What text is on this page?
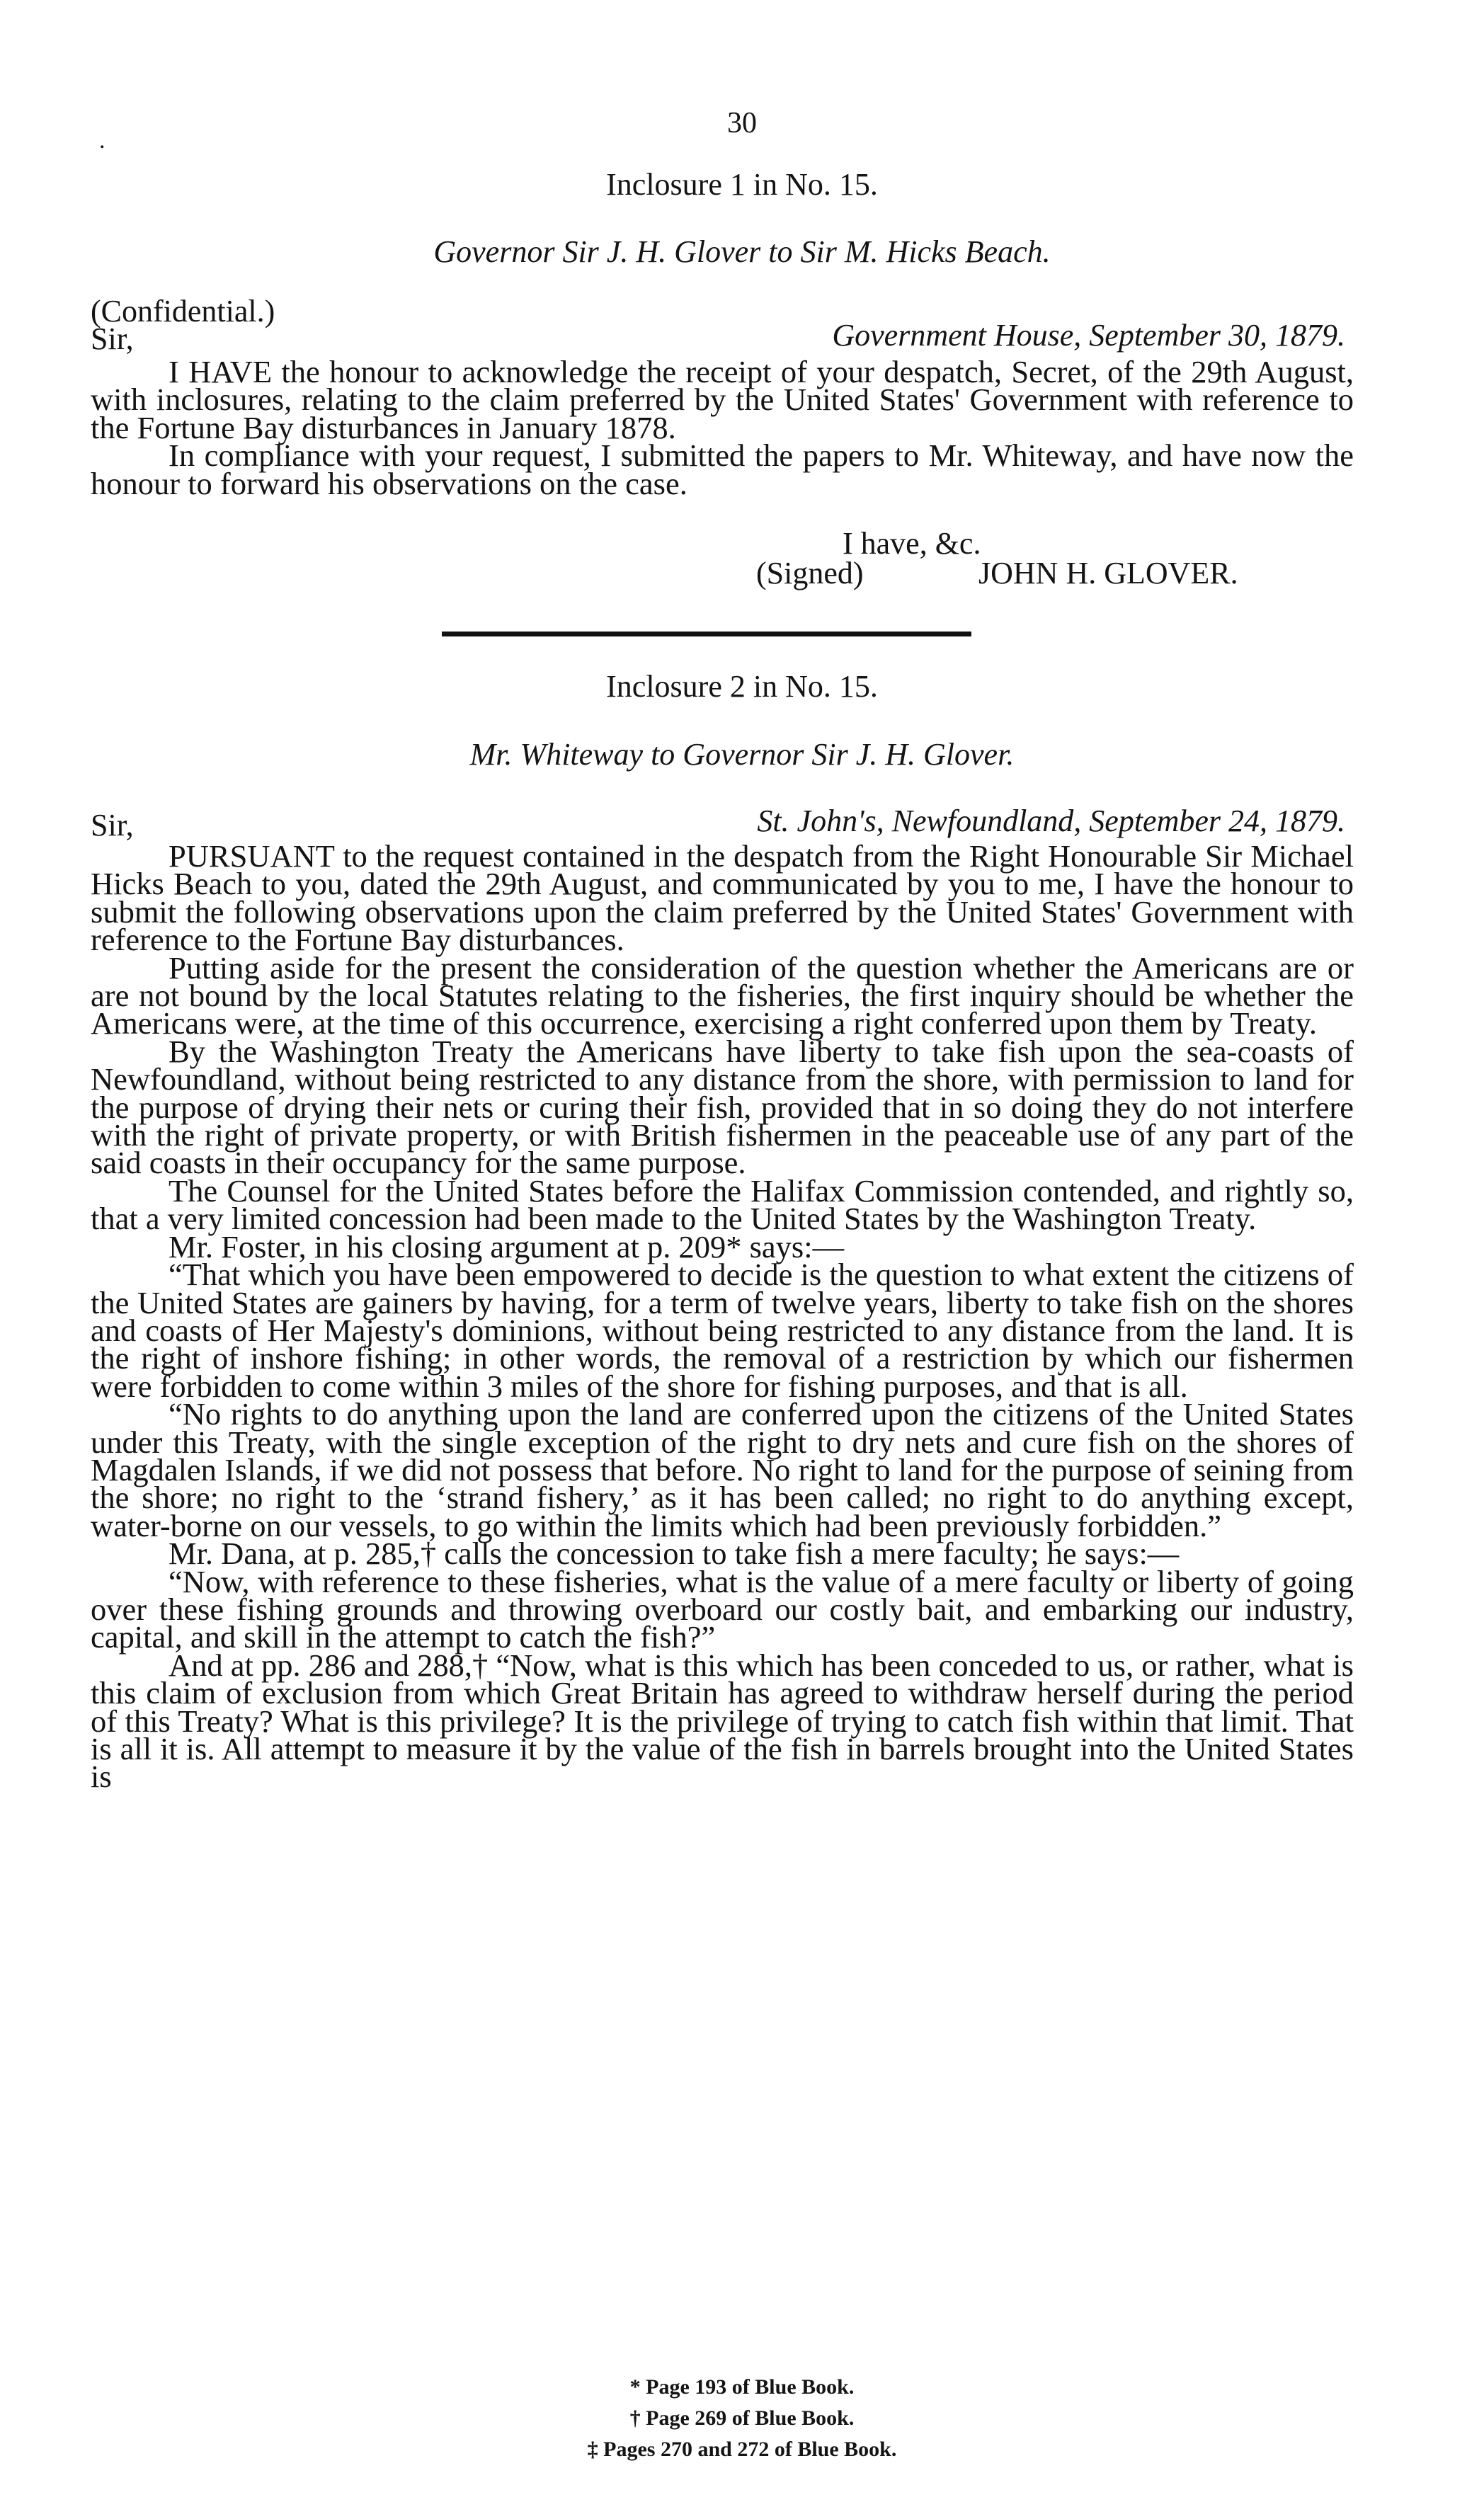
30
.
Inclosure 1 in No. 15.
Governor Sir J. H. Glover to Sir M. Hicks Beach.
(Confidential.)
Sir,	Government House, September 30, 1879.

I HAVE the honour to acknowledge the receipt of your despatch, Secret, of the 29th August, with inclosures, relating to the claim preferred by the United States' Government with reference to the Fortune Bay disturbances in January 1878.

In compliance with your request, I submitted the papers to Mr. Whiteway, and have now the honour to forward his observations on the case.

I have, &c.
(Signed)	JOHN H. GLOVER.
Inclosure 2 in No. 15.
Mr. Whiteway to Governor Sir J. H. Glover.
Sir,	St. John's, Newfoundland, September 24, 1879.

PURSUANT to the request contained in the despatch from the Right Honourable Sir Michael Hicks Beach to you, dated the 29th August, and communicated by you to me, I have the honour to submit the following observations upon the claim preferred by the United States' Government with reference to the Fortune Bay disturbances.

Putting aside for the present the consideration of the question whether the Americans are or are not bound by the local Statutes relating to the fisheries, the first inquiry should be whether the Americans were, at the time of this occurrence, exercising a right conferred upon them by Treaty.

By the Washington Treaty the Americans have liberty to take fish upon the sea-coasts of Newfoundland, without being restricted to any distance from the shore, with permission to land for the purpose of drying their nets or curing their fish, provided that in so doing they do not interfere with the right of private property, or with British fishermen in the peaceable use of any part of the said coasts in their occupancy for the same purpose.

The Counsel for the United States before the Halifax Commission contended, and rightly so, that a very limited concession had been made to the United States by the Washington Treaty.

Mr. Foster, in his closing argument at p. 209* says:—

“That which you have been empowered to decide is the question to what extent the citizens of the United States are gainers by having, for a term of twelve years, liberty to take fish on the shores and coasts of Her Majesty's dominions, without being restricted to any distance from the land. It is the right of inshore fishing; in other words, the removal of a restriction by which our fishermen were forbidden to come within 3 miles of the shore for fishing purposes, and that is all.

“No rights to do anything upon the land are conferred upon the citizens of the United States under this Treaty, with the single exception of the right to dry nets and cure fish on the shores of Magdalen Islands, if we did not possess that before. No right to land for the purpose of seining from the shore; no right to the ‘strand fishery,’ as it has been called; no right to do anything except, water-borne on our vessels, to go within the limits which had been previously forbidden.”

Mr. Dana, at p. 285,† calls the concession to take fish a mere faculty; he says:—

“Now, with reference to these fisheries, what is the value of a mere faculty or liberty of going over these fishing grounds and throwing overboard our costly bait, and embarking our industry, capital, and skill in the attempt to catch the fish?”

And at pp. 286 and 288,† “Now, what is this which has been conceded to us, or rather, what is this claim of exclusion from which Great Britain has agreed to withdraw herself during the period of this Treaty? What is this privilege? It is the privilege of trying to catch fish within that limit. That is all it is. All attempt to measure it by the value of the fish in barrels brought into the United States is

* Page 193 of Blue Book.
† Page 269 of Blue Book.
‡ Pages 270 and 272 of Blue Book.
